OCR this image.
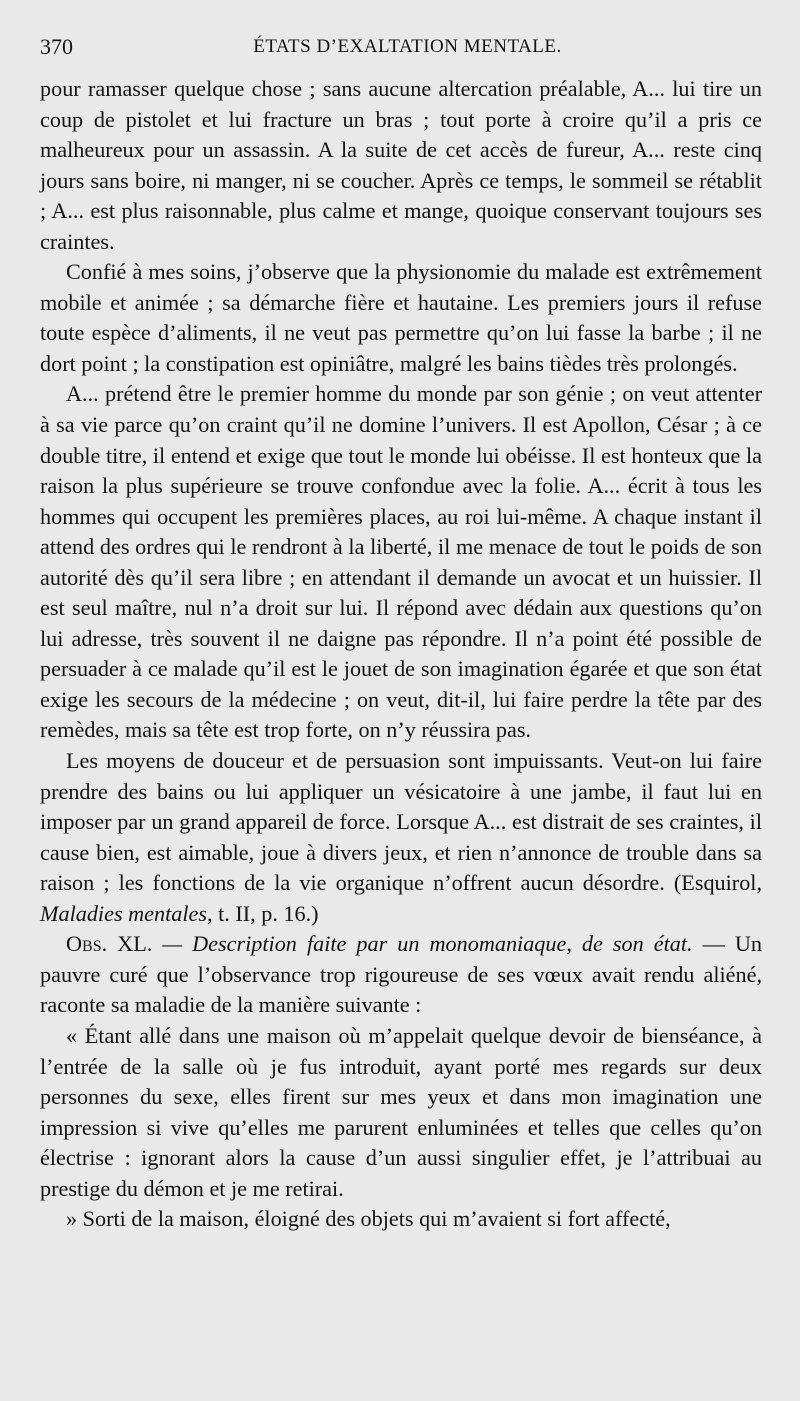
370	ÉTATS D’EXALTATION MENTALE.

pour ramasser quelque chose ; sans aucune altercation préalable, A... lui tire un coup de pistolet et lui fracture un bras ; tout porte à croire qu’il a pris ce malheureux pour un assassin. A la suite de cet accès de fureur, A... reste cinq jours sans boire, ni manger, ni se coucher. Après ce temps, le sommeil se rétablit ; A... est plus raisonnable, plus calme et mange, quoique conservant toujours ses craintes.

Confié à mes soins, j’observe que la physionomie du malade est extrêmement mobile et animée ; sa démarche fière et hautaine. Les premiers jours il refuse toute espèce d’aliments, il ne veut pas permettre qu’on lui fasse la barbe ; il ne dort point ; la constipation est opiniâtre, malgré les bains tièdes très prolongés.

A... prétend être le premier homme du monde par son génie ; on veut attenter à sa vie parce qu’on craint qu’il ne domine l’univers. Il est Apollon, César ; à ce double titre, il entend et exige que tout le monde lui obéisse. Il est honteux que la raison la plus supérieure se trouve confondue avec la folie. A... écrit à tous les hommes qui occupent les premières places, au roi lui-même. A chaque instant il attend des ordres qui le rendront à la liberté, il me menace de tout le poids de son autorité dès qu’il sera libre ; en attendant il demande un avocat et un huissier. Il est seul maître, nul n’a droit sur lui. Il répond avec dédain aux questions qu’on lui adresse, très souvent il ne daigne pas répondre. Il n’a point été possible de persuader à ce malade qu’il est le jouet de son imagination égarée et que son état exige les secours de la médecine ; on veut, dit-il, lui faire perdre la tête par des remèdes, mais sa tête est trop forte, on n’y réussira pas.

Les moyens de douceur et de persuasion sont impuissants. Veut-on lui faire prendre des bains ou lui appliquer un vésicatoire à une jambe, il faut lui en imposer par un grand appareil de force. Lorsque A... est distrait de ses craintes, il cause bien, est aimable, joue à divers jeux, et rien n’annonce de trouble dans sa raison ; les fonctions de la vie organique n’offrent aucun désordre. (Esquirol, Maladies mentales, t. II, p. 16.)

Obs. XL. — Description faite par un monomaniaque, de son état. — Un pauvre curé que l’observance trop rigoureuse de ses vœux avait rendu aliéné, raconte sa maladie de la manière suivante :

« Étant allé dans une maison où m’appelait quelque devoir de bienséance, à l’entrée de la salle où je fus introduit, ayant porté mes regards sur deux personnes du sexe, elles firent sur mes yeux et dans mon imagination une impression si vive qu’elles me parurent enluminées et telles que celles qu’on électrise : ignorant alors la cause d’un aussi singulier effet, je l’attribuai au prestige du démon et je me retirai.

» Sorti de la maison, éloigné des objets qui m’avaient si fort affecté,
